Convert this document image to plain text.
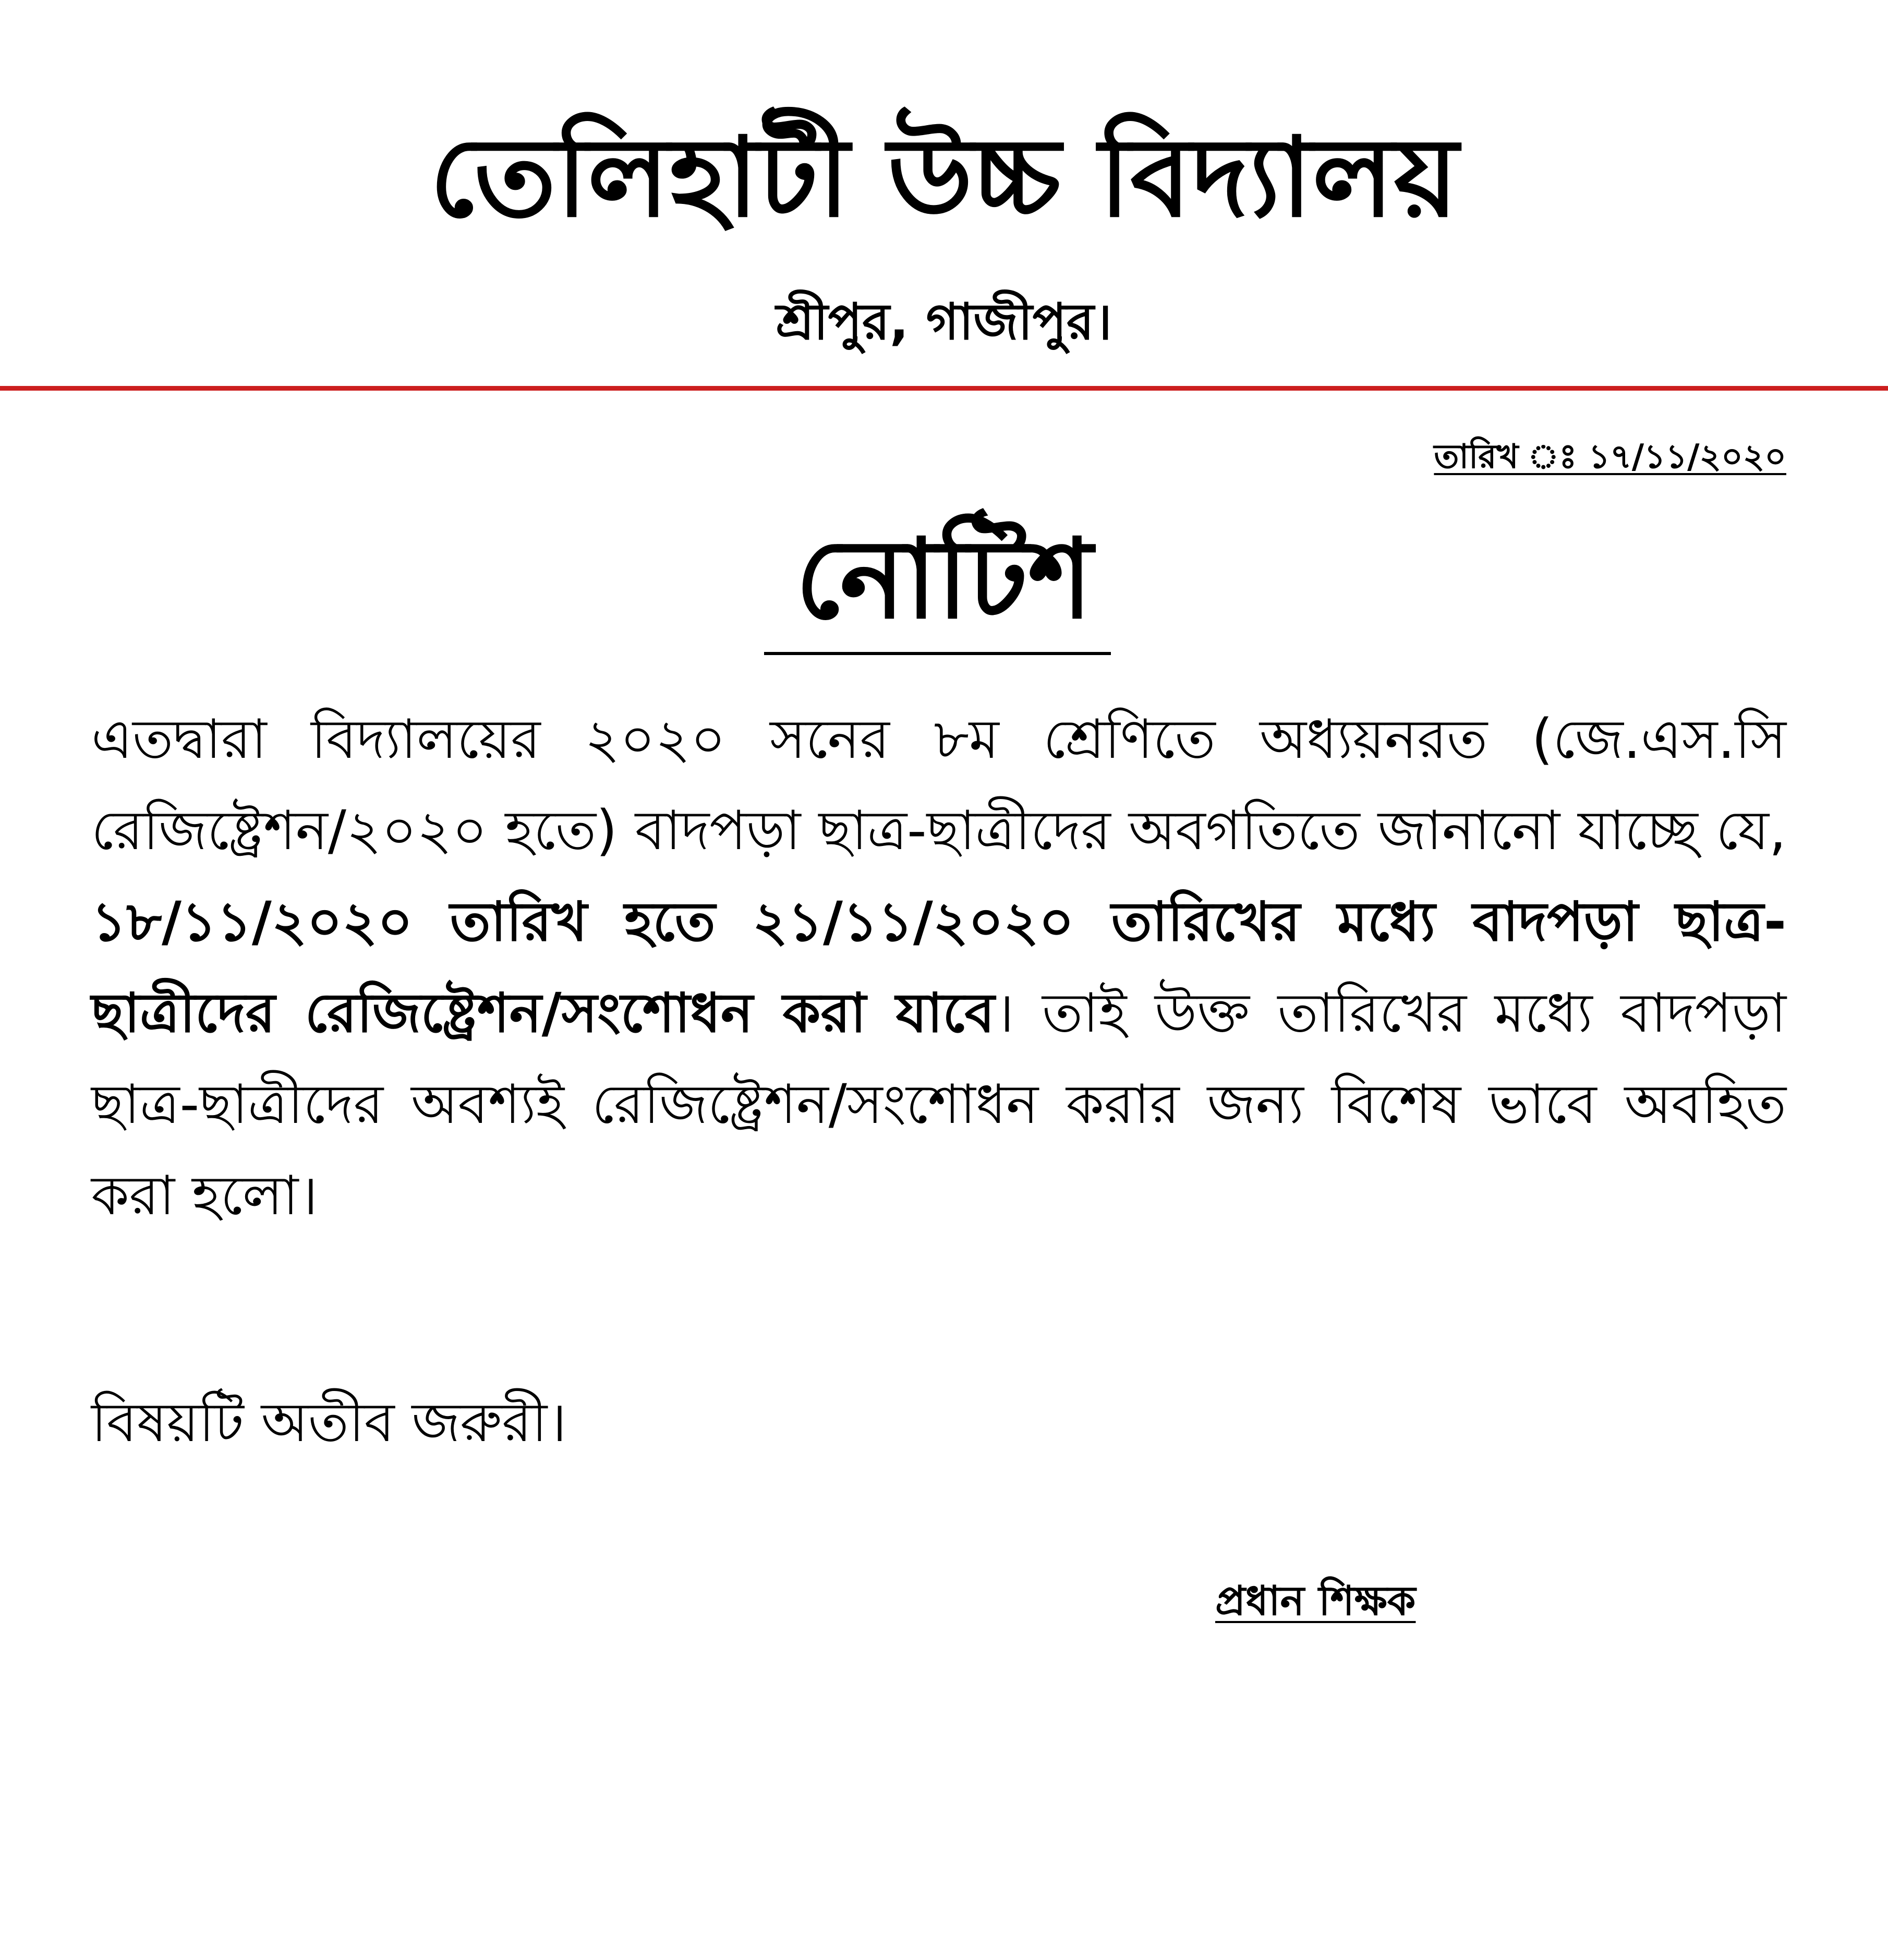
তেলিহাটী উচ্চ বিদ্যালয়
শ্রীপুর, গাজীপুর।
তারিখ ঃ ১৭/১১/২০২০
নোটিশ

এতদ্বারা বিদ্যালয়ের ২০২০ সনের ৮ম শ্রেণিতে অধ্যয়নরত (জে.এস.সি রেজিষ্ট্রেশন/২০২০ হতে) বাদপড়া ছাত্র-ছাত্রীদের অবগতিতে জানানো যাচ্ছে যে, ১৮/১১/২০২০ তারিখ হতে ২১/১১/২০২০ তারিখের মধ্যে বাদপড়া ছাত্র-ছাত্রীদের রেজিষ্ট্রেশন/সংশোধন করা যাবে। তাই উক্ত তারিখের মধ্যে বাদপড়া ছাত্র-ছাত্রীদের অবশ্যই রেজিষ্ট্রেশন/সংশোধন করার জন্য বিশেষ ভাবে অবহিত করা হলো।

বিষয়টি অতীব জরুরী।

প্রধান শিক্ষক
